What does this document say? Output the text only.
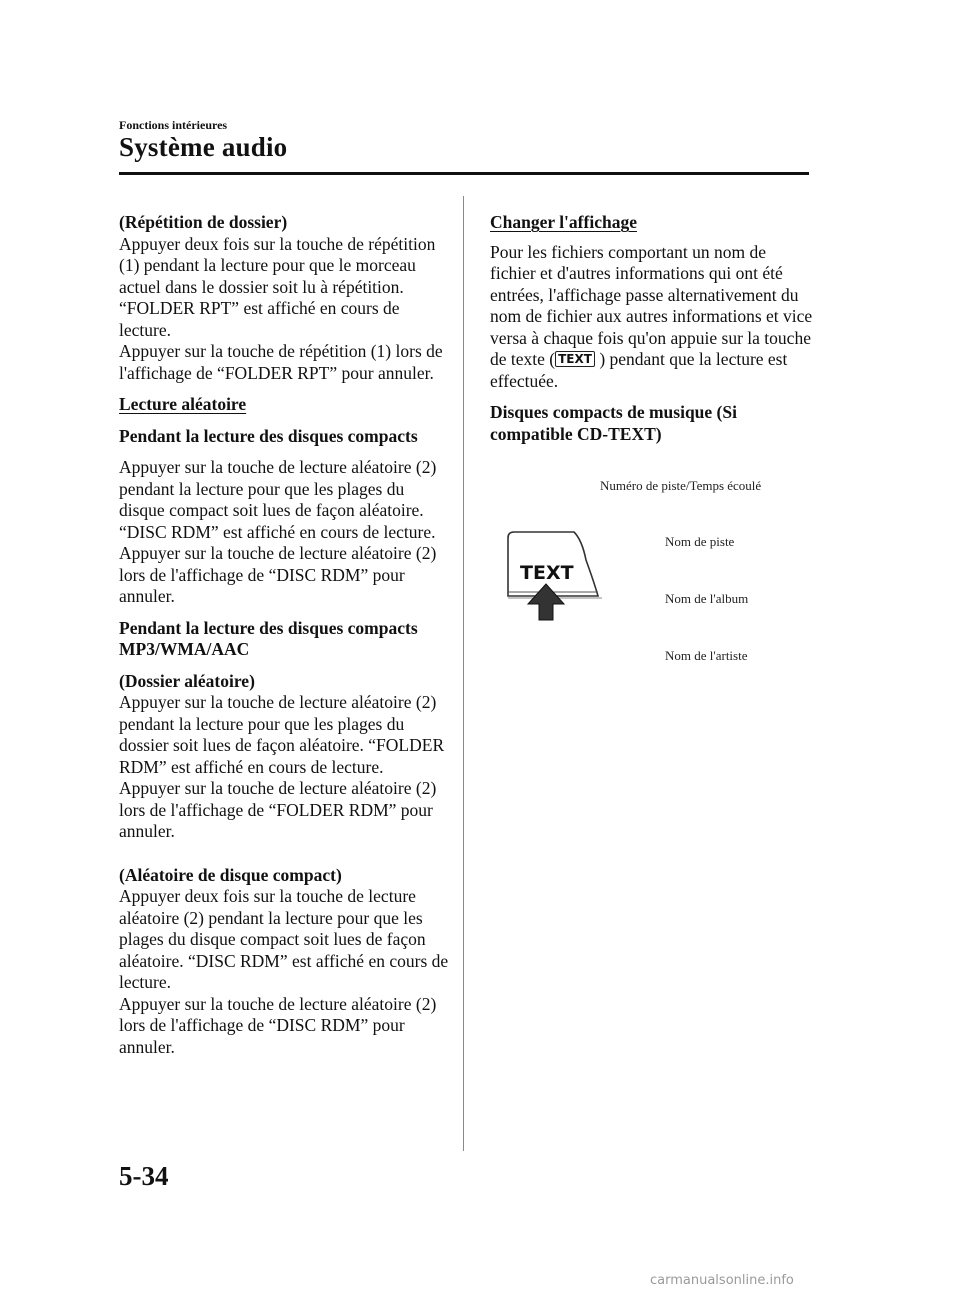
Fonctions intérieures
Système audio

(Répétition de dossier)

Appuyer deux fois sur la touche de répétition (1) pendant la lecture pour que le morceau actuel dans le dossier soit lu à répétition. “FOLDER RPT” est affiché en cours de lecture.

Appuyer sur la touche de répétition (1) lors de l'affichage de “FOLDER RPT” pour annuler.

Lecture aléatoire

Pendant la lecture des disques compacts

Appuyer sur la touche de lecture aléatoire (2) pendant la lecture pour que les plages du disque compact soit lues de façon aléatoire. “DISC RDM” est affiché en cours de lecture.

Appuyer sur la touche de lecture aléatoire (2) lors de l'affichage de “DISC RDM” pour annuler.

Pendant la lecture des disques compacts MP3/WMA/AAC

(Dossier aléatoire)

Appuyer sur la touche de lecture aléatoire (2) pendant la lecture pour que les plages du dossier soit lues de façon aléatoire. “FOLDER RDM” est affiché en cours de lecture.

Appuyer sur la touche de lecture aléatoire (2) lors de l'affichage de “FOLDER RDM” pour annuler.

(Aléatoire de disque compact)

Appuyer deux fois sur la touche de lecture aléatoire (2) pendant la lecture pour que les plages du disque compact soit lues de façon aléatoire. “DISC RDM” est affiché en cours de lecture.

Appuyer sur la touche de lecture aléatoire (2) lors de l'affichage de “DISC RDM” pour annuler.

Changer l'affichage

Pour les fichiers comportant un nom de fichier et d'autres informations qui ont été entrées, l'affichage passe alternativement du nom de fichier aux autres informations et vice versa à chaque fois qu'on appuie sur la touche de texte ( TEXT ) pendant que la lecture est effectuée.

Disques compacts de musique (Si compatible CD-TEXT)

TEXT
Numéro de piste/Temps écoulé
Nom de piste
Nom de l'album
Nom de l'artiste
5-34
carmanualsonline.info
